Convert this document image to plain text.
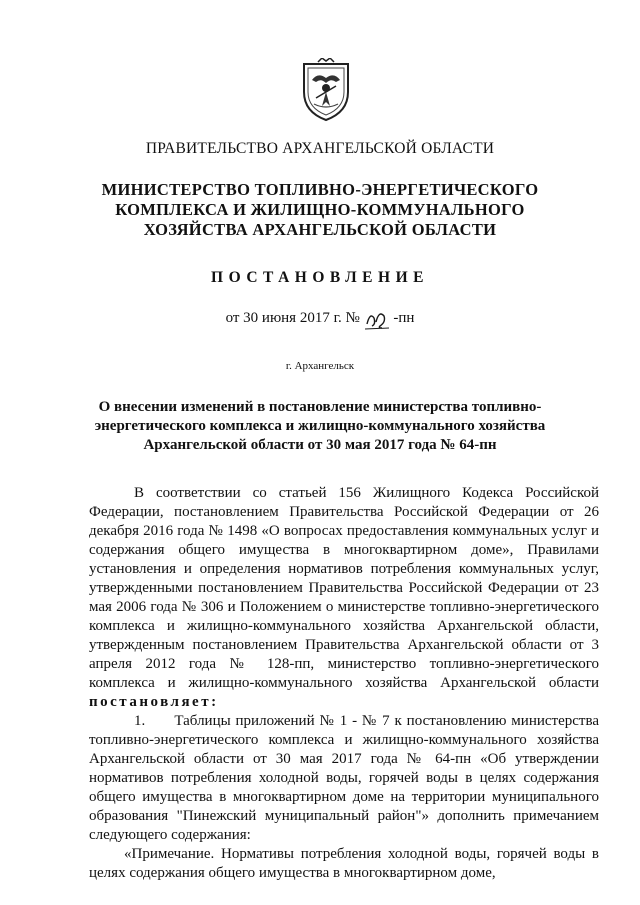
ПРАВИТЕЛЬСТВО АРХАНГЕЛЬСКОЙ ОБЛАСТИ
МИНИСТЕРСТВО ТОПЛИВНО-ЭНЕРГЕТИЧЕСКОГО
КОМПЛЕКСА И ЖИЛИЩНО-КОММУНАЛЬНОГО
ХОЗЯЙСТВА АРХАНГЕЛЬСКОЙ ОБЛАСТИ
ПОСТАНОВЛЕНИЕ
от 30 июня 2017 г. № -пн
г. Архангельск
О внесении изменений в постановление министерства топливно-
энергетического комплекса и жилищно-коммунального хозяйства
Архангельской области от 30 мая 2017 года № 64-пн

В соответствии со статьей 156 Жилищного Кодекса Российской Федерации, постановлением Правительства Российской Федерации от 26 декабря 2016 года № 1498 «О вопросах предоставления коммунальных услуг и содержания общего имущества в многоквартирном доме», Правилами установления и определения нормативов потребления коммунальных услуг, утвержденными постановлением Правительства Российской Федерации от 23 мая 2006 года № 306 и Положением о министерстве топливно-энергетического комплекса и жилищно-коммунального хозяйства Архангельской области, утвержденным постановлением Правительства Архангельской области от 3 апреля 2012 года № 128-пп, министерство топливно-энергетического комплекса и жилищно-коммунального хозяйства Архангельской области постановляет:

1. Таблицы приложений № 1 - № 7 к постановлению министерства топливно-энергетического комплекса и жилищно-коммунального хозяйства Архангельской области от 30 мая 2017 года № 64-пн «Об утверждении нормативов потребления холодной воды, горячей воды в целях содержания общего имущества в многоквартирном доме на территории муниципального образования "Пинежский муниципальный район"» дополнить примечанием следующего содержания:

«Примечание. Нормативы потребления холодной воды, горячей воды в целях содержания общего имущества в многоквартирном доме,
